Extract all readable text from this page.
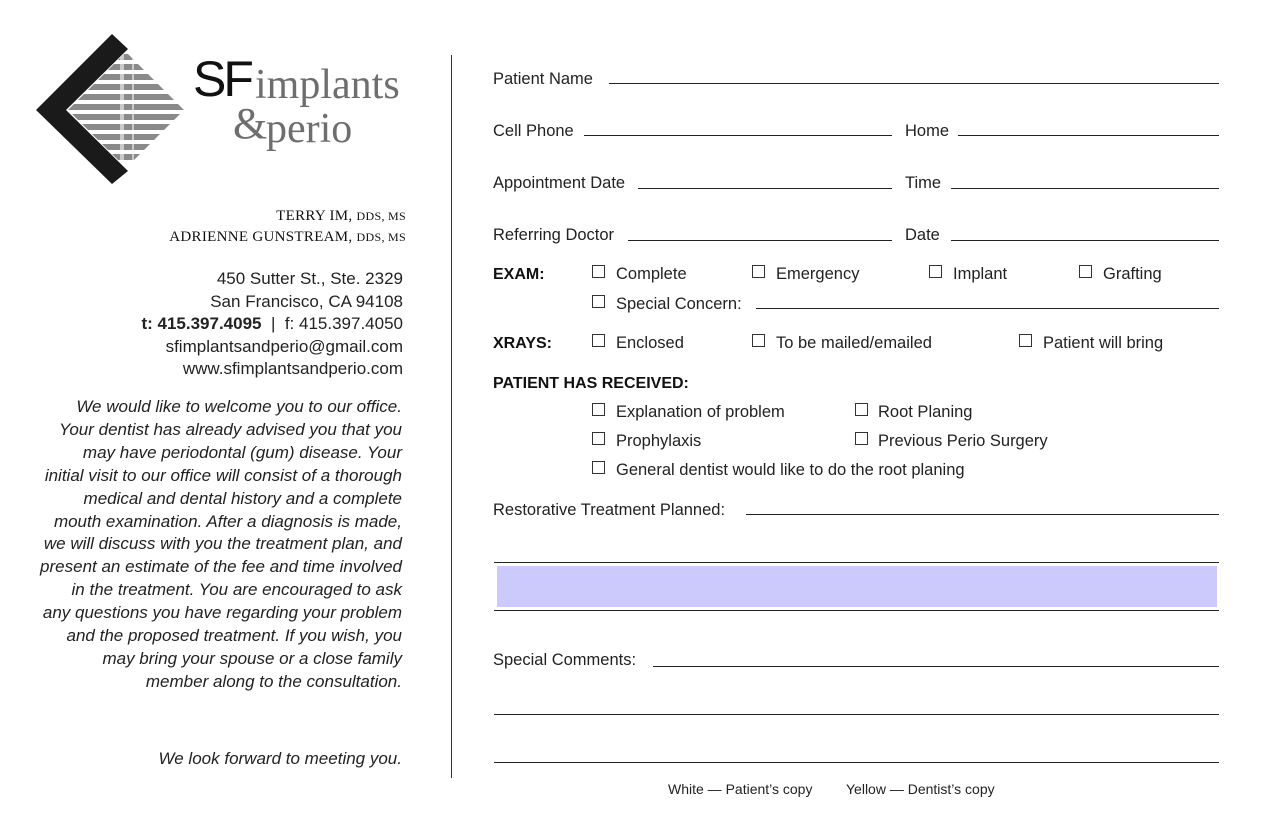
SF implants
&
perio
TERRY IM, DDS, MS
ADRIENNE GUNSTREAM, DDS, MS
450 Sutter St., Ste. 2329
San Francisco, CA 94108
t: 415.397.4095 | f: 415.397.4050
sfimplantsandperio@gmail.com
www.sfimplantsandperio.com
We would like to welcome you to our office. Your dentist has already advised you that you may have periodontal (gum) disease. Your initial visit to our office will consist of a thorough medical and dental history and a complete mouth examination. After a diagnosis is made, we will discuss with you the treatment plan, and present an estimate of the fee and time involved in the treatment. You are encouraged to ask any questions you have regarding your problem and the proposed treatment. If you wish, you may bring your spouse or a close family member along to the consultation.
We look forward to meeting you.
Patient Name
Cell Phone	Home
Appointment Date	Time
Referring Doctor	Date
EXAM:	Complete	Emergency	Implant	Grafting
Special Concern:
XRAYS:	Enclosed	To be mailed/emailed	Patient will bring
PATIENT HAS RECEIVED:
Explanation of problem	Root Planing
Prophylaxis	Previous Perio Surgery
General dentist would like to do the root planing
Restorative Treatment Planned:
Special Comments:
White — Patient’s copy Yellow — Dentist’s copy
